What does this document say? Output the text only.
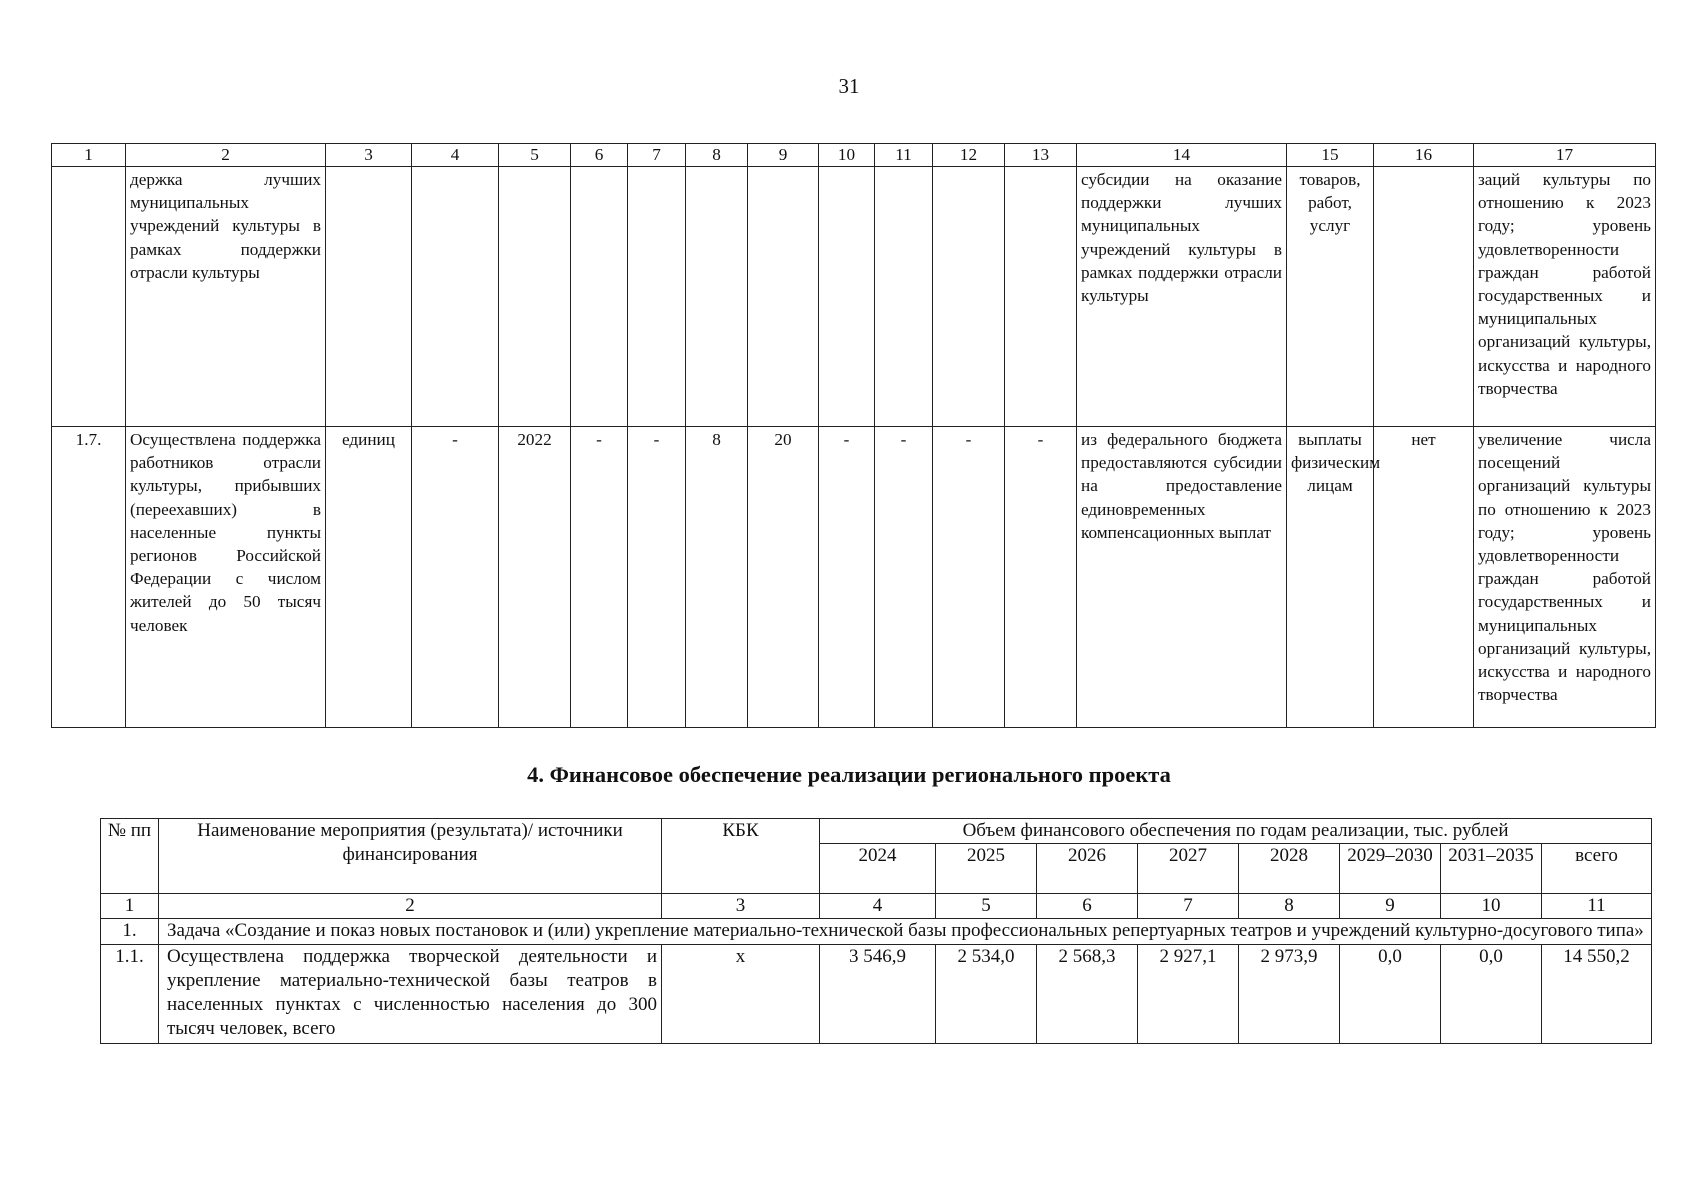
31
1	2	3	4	5	6	7	8	9	10	11	12	13	14	15	16	17
	держка лучших муниципальных учреждений культуры в рамках поддержки отрасли культуры												субсидии на оказание поддержки лучших муниципальных учреждений культуры в рамках поддержки отрасли культуры	товаров, работ, услуг		заций культуры по отношению к 2023 году; уровень удовлетворенности граждан работой государственных и муниципальных организаций культуры, искусства и народного творчества
1.7.	Осуществлена поддержка работников отрасли культуры, прибывших (переехавших) в населенные пункты регионов Российской Федерации с числом жителей до 50 тысяч человек	единиц	-	2022	-	-	8	20	-	-	-	-	из федерального бюджета предоставляются субсидии на предоставление единовременных компенсационных выплат	выплаты физическим лицам	нет	увеличение числа посещений организаций культуры по отношению к 2023 году; уровень удовлетворенности граждан работой государственных и муниципальных организаций культуры, искусства и народного творчества
4. Финансовое обеспечение реализации регионального проекта
№ пп	Наименование мероприятия (результата)/ источники финансирования	КБК	Объем финансового обеспечения по годам реализации, тыс. рублей							
			2024	2025	2026	2027	2028	2029–2030	2031–2035	всего
1	2	3	4	5	6	7	8	9	10	11
1.	Задача «Создание и показ новых постановок и (или) укрепление материально-технической базы профессиональных репертуарных театров и учреждений культурно-досугового типа»									
1.1.	Осуществлена поддержка творческой деятельности и укрепление материально-технической базы театров в населенных пунктах с численностью населения до 300 тысяч человек, всего	х	3 546,9	2 534,0	2 568,3	2 927,1	2 973,9	0,0	0,0	14 550,2
